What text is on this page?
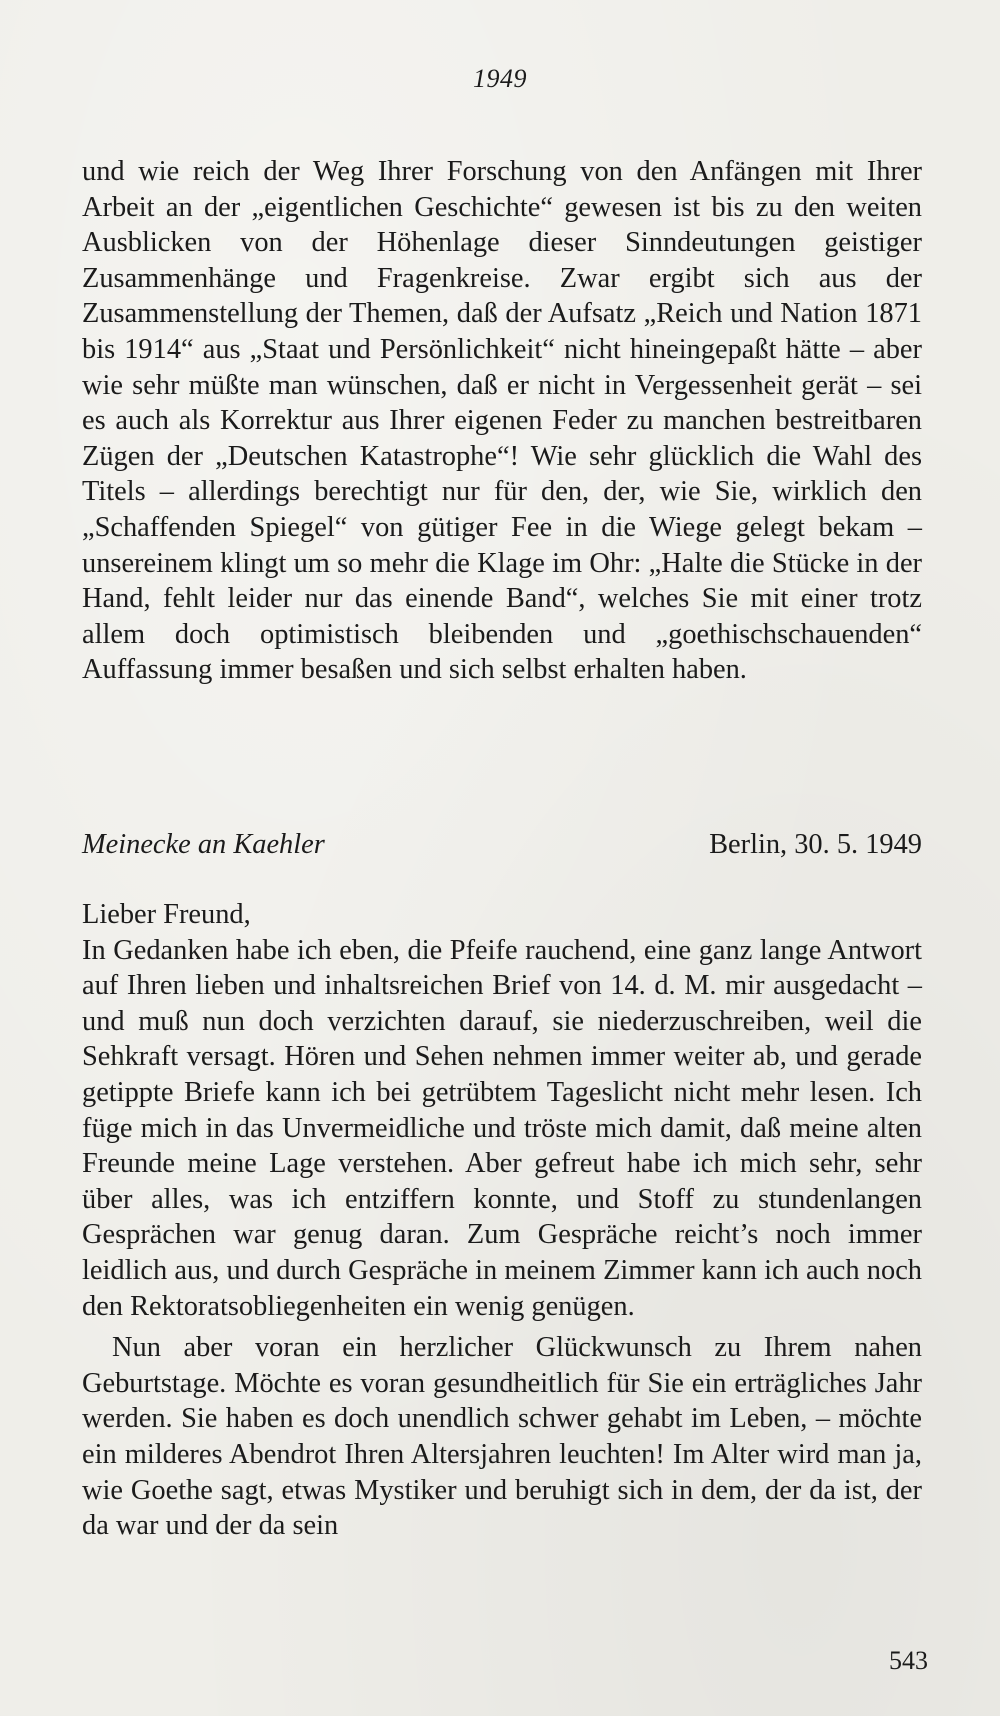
1949

und wie reich der Weg Ihrer Forschung von den Anfängen mit Ihrer Arbeit an der „eigentlichen Geschichte“ gewesen ist bis zu den weiten Ausblicken von der Höhenlage dieser Sinndeutungen geistiger Zusammenhänge und Fragenkreise. Zwar ergibt sich aus der Zusammenstellung der Themen, daß der Aufsatz „Reich und Nation 1871 bis 1914“ aus „Staat und Persönlichkeit“ nicht hineingepaßt hätte – aber wie sehr müßte man wünschen, daß er nicht in Vergessenheit gerät – sei es auch als Korrektur aus Ihrer eigenen Feder zu manchen bestreitbaren Zügen der „Deutschen Katastrophe“! Wie sehr glücklich die Wahl des Titels – allerdings berechtigt nur für den, der, wie Sie, wirklich den „Schaffenden Spiegel“ von gütiger Fee in die Wiege gelegt bekam – unsereinem klingt um so mehr die Klage im Ohr: „Halte die Stücke in der Hand, fehlt leider nur das einende Band“, welches Sie mit einer trotz allem doch optimistisch bleibenden und „goethischschauenden“ Auffassung immer besaßen und sich selbst erhalten haben.

Meinecke an Kaehler	Berlin, 30. 5. 1949

Lieber Freund,

In Gedanken habe ich eben, die Pfeife rauchend, eine ganz lange Antwort auf Ihren lieben und inhaltsreichen Brief von 14. d. M. mir ausgedacht – und muß nun doch verzichten darauf, sie niederzuschreiben, weil die Sehkraft versagt. Hören und Sehen nehmen immer weiter ab, und gerade getippte Briefe kann ich bei getrübtem Tageslicht nicht mehr lesen. Ich füge mich in das Unvermeidliche und tröste mich damit, daß meine alten Freunde meine Lage verstehen. Aber gefreut habe ich mich sehr, sehr über alles, was ich entziffern konnte, und Stoff zu stundenlangen Gesprächen war genug daran. Zum Gespräche reicht’s noch immer leidlich aus, und durch Gespräche in meinem Zimmer kann ich auch noch den Rektoratsobliegenheiten ein wenig genügen.

Nun aber voran ein herzlicher Glückwunsch zu Ihrem nahen Geburtstage. Möchte es voran gesundheitlich für Sie ein erträgliches Jahr werden. Sie haben es doch unendlich schwer gehabt im Leben, – möchte ein milderes Abendrot Ihren Altersjahren leuchten! Im Alter wird man ja, wie Goethe sagt, etwas Mystiker und beruhigt sich in dem, der da ist, der da war und der da sein

543
